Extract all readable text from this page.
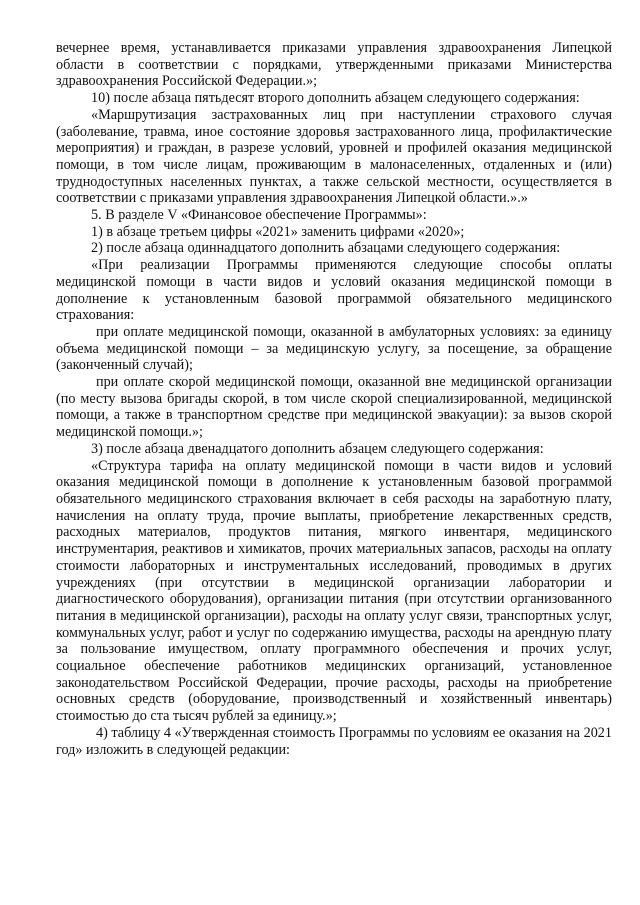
вечернее время, устанавливается приказами управления здравоохранения Липецкой области в соответствии с порядками, утвержденными приказами Министерства здравоохранения Российской Федерации.»;

10) после абзаца пятьдесят второго дополнить абзацем следующего содержания:

«Маршрутизация застрахованных лиц при наступлении страхового случая (заболевание, травма, иное состояние здоровья застрахованного лица, профилактические мероприятия) и граждан, в разрезе условий, уровней и профилей оказания медицинской помощи, в том числе лицам, проживающим в малонаселенных, отдаленных и (или) труднодоступных населенных пунктах, а также сельской местности, осуществляется в соответствии с приказами управления здравоохранения Липецкой области.».»

5. В разделе V «Финансовое обеспечение Программы»:

1) в абзаце третьем цифры «2021» заменить цифрами «2020»;

2) после абзаца одиннадцатого дополнить абзацами следующего содержания:

«При реализации Программы применяются следующие способы оплаты медицинской помощи в части видов и условий оказания медицинской помощи в дополнение к установленным базовой программой обязательного медицинского страхования:

при оплате медицинской помощи, оказанной в амбулаторных условиях: за единицу объема медицинской помощи – за медицинскую услугу, за посещение, за обращение (законченный случай);

при оплате скорой медицинской помощи, оказанной вне медицинской организации (по месту вызова бригады скорой, в том числе скорой специализированной, медицинской помощи, а также в транспортном средстве при медицинской эвакуации): за вызов скорой медицинской помощи.»;

3) после абзаца двенадцатого дополнить абзацем следующего содержания:

«Структура тарифа на оплату медицинской помощи в части видов и условий оказания медицинской помощи в дополнение к установленным базовой программой обязательного медицинского страхования включает в себя расходы на заработную плату, начисления на оплату труда, прочие выплаты, приобретение лекарственных средств, расходных материалов, продуктов питания, мягкого инвентаря, медицинского инструментария, реактивов и химикатов, прочих материальных запасов, расходы на оплату стоимости лабораторных и инструментальных исследований, проводимых в других учреждениях (при отсутствии в медицинской организации лаборатории и диагностического оборудования), организации питания (при отсутствии организованного питания в медицинской организации), расходы на оплату услуг связи, транспортных услуг, коммунальных услуг, работ и услуг по содержанию имущества, расходы на арендную плату за пользование имуществом, оплату программного обеспечения и прочих услуг, социальное обеспечение работников медицинских организаций, установленное законодательством Российской Федерации, прочие расходы, расходы на приобретение основных средств (оборудование, производственный и хозяйственный инвентарь) стоимостью до ста тысяч рублей за единицу.»;

4) таблицу 4 «Утвержденная стоимость Программы по условиям ее оказания на 2021 год» изложить в следующей редакции:
